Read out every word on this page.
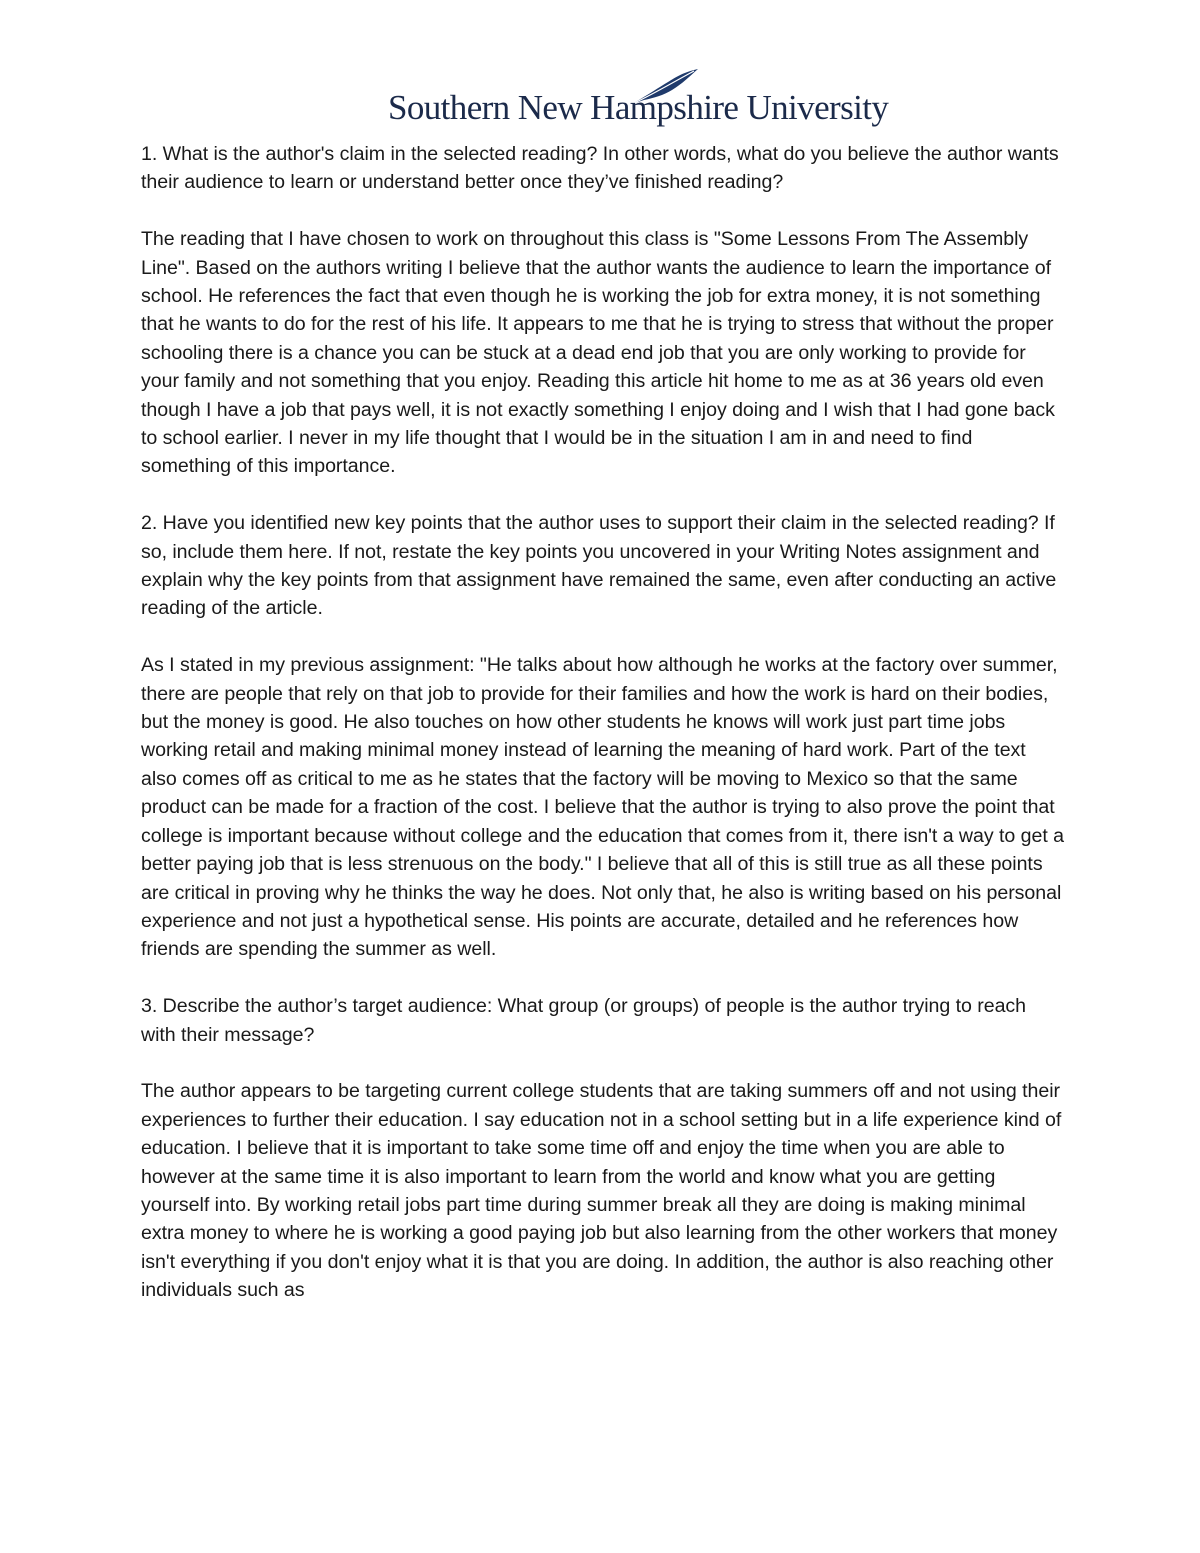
Southern New Hampshire University

1. What is the author's claim in the selected reading? In other words, what do you believe the author wants their audience to learn or understand better once they’ve finished reading?

The reading that I have chosen to work on throughout this class is "Some Lessons From The Assembly Line". Based on the authors writing I believe that the author wants the audience to learn the importance of school. He references the fact that even though he is working the job for extra money, it is not something that he wants to do for the rest of his life. It appears to me that he is trying to stress that without the proper schooling there is a chance you can be stuck at a dead end job that you are only working to provide for your family and not something that you enjoy. Reading this article hit home to me as at 36 years old even though I have a job that pays well, it is not exactly something I enjoy doing and I wish that I had gone back to school earlier. I never in my life thought that I would be in the situation I am in and need to find something of this importance.

2. Have you identified new key points that the author uses to support their claim in the selected reading? If so, include them here. If not, restate the key points you uncovered in your Writing Notes assignment and explain why the key points from that assignment have remained the same, even after conducting an active reading of the article.

As I stated in my previous assignment: "He talks about how although he works at the factory over summer, there are people that rely on that job to provide for their families and how the work is hard on their bodies, but the money is good. He also touches on how other students he knows will work just part time jobs working retail and making minimal money instead of learning the meaning of hard work. Part of the text also comes off as critical to me as he states that the factory will be moving to Mexico so that the same product can be made for a fraction of the cost. I believe that the author is trying to also prove the point that college is important because without college and the education that comes from it, there isn't a way to get a better paying job that is less strenuous on the body." I believe that all of this is still true as all these points are critical in proving why he thinks the way he does. Not only that, he also is writing based on his personal experience and not just a hypothetical sense. His points are accurate, detailed and he references how friends are spending the summer as well.

3. Describe the author’s target audience: What group (or groups) of people is the author trying to reach with their message?

The author appears to be targeting current college students that are taking summers off and not using their experiences to further their education. I say education not in a school setting but in a life experience kind of education. I believe that it is important to take some time off and enjoy the time when you are able to however at the same time it is also important to learn from the world and know what you are getting yourself into. By working retail jobs part time during summer break all they are doing is making minimal extra money to where he is working a good paying job but also learning from the other workers that money isn't everything if you don't enjoy what it is that you are doing. In addition, the author is also reaching other individuals such as
